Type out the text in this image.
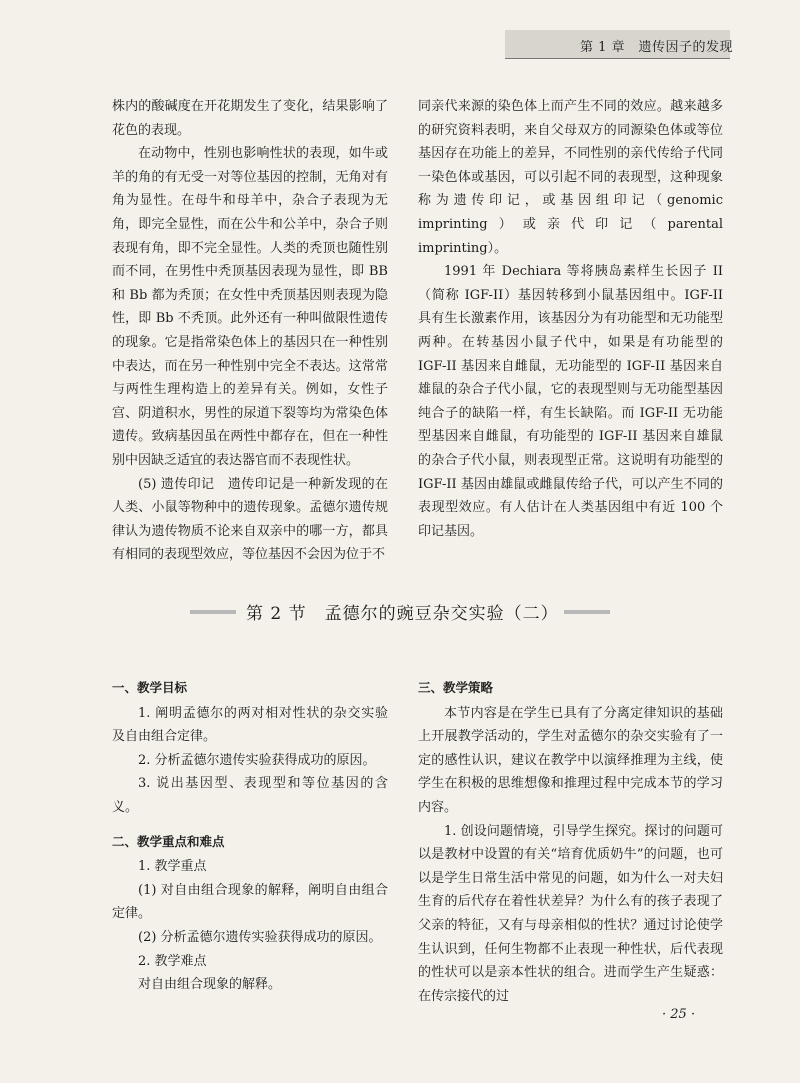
第 1 章　遗传因子的发现

株内的酸碱度在开花期发生了变化，结果影响了花色的表现。

在动物中，性别也影响性状的表现，如牛或羊的角的有无受一对等位基因的控制，无角对有角为显性。在母牛和母羊中，杂合子表现为无角，即完全显性，而在公牛和公羊中，杂合子则表现有角，即不完全显性。人类的秃顶也随性别而不同，在男性中秃顶基因表现为显性，即 BB 和 Bb 都为秃顶；在女性中秃顶基因则表现为隐性，即 Bb 不秃顶。此外还有一种叫做限性遗传的现象。它是指常染色体上的基因只在一种性别中表达，而在另一种性别中完全不表达。这常常与两性生理构造上的差异有关。例如，女性子宫、阴道积水，男性的尿道下裂等均为常染色体遗传。致病基因虽在两性中都存在，但在一种性别中因缺乏适宜的表达器官而不表现性状。

(5) 遗传印记　遗传印记是一种新发现的在人类、小鼠等物种中的遗传现象。孟德尔遗传规律认为遗传物质不论来自双亲中的哪一方，都具有相同的表现型效应，等位基因不会因为位于不

同亲代来源的染色体上而产生不同的效应。越来越多的研究资料表明，来自父母双方的同源染色体或等位基因存在功能上的差异，不同性别的亲代传给子代同一染色体或基因，可以引起不同的表现型，这种现象称为遗传印记，或基因组印记（genomic imprinting）或亲代印记（parental imprinting）。

1991 年 Dechiara 等将胰岛素样生长因子 II（简称 IGF-II）基因转移到小鼠基因组中。IGF-II 具有生长激素作用，该基因分为有功能型和无功能型两种。在转基因小鼠子代中，如果是有功能型的 IGF-II 基因来自雌鼠，无功能型的 IGF-II 基因来自雄鼠的杂合子代小鼠，它的表现型则与无功能型基因纯合子的缺陷一样，有生长缺陷。而 IGF-II 无功能型基因来自雌鼠，有功能型的 IGF-II 基因来自雄鼠的杂合子代小鼠，则表现型正常。这说明有功能型的 IGF-II 基因由雄鼠或雌鼠传给子代，可以产生不同的表现型效应。有人估计在人类基因组中有近 100 个印记基因。

第 2 节　孟德尔的豌豆杂交实验（二）

一、教学目标

1. 阐明孟德尔的两对相对性状的杂交实验及自由组合定律。

2. 分析孟德尔遗传实验获得成功的原因。

3. 说出基因型、表现型和等位基因的含义。

二、教学重点和难点

1. 教学重点

(1) 对自由组合现象的解释，阐明自由组合定律。

(2) 分析孟德尔遗传实验获得成功的原因。

2. 教学难点

对自由组合现象的解释。

三、教学策略

本节内容是在学生已具有了分离定律知识的基础上开展教学活动的，学生对孟德尔的杂交实验有了一定的感性认识，建议在教学中以演绎推理为主线，使学生在积极的思维想像和推理过程中完成本节的学习内容。

1. 创设问题情境，引导学生探究。探讨的问题可以是教材中设置的有关“培育优质奶牛”的问题，也可以是学生日常生活中常见的问题，如为什么一对夫妇生育的后代存在着性状差异？为什么有的孩子表现了父亲的特征，又有与母亲相似的性状？通过讨论使学生认识到，任何生物都不止表现一种性状，后代表现的性状可以是亲本性状的组合。进而学生产生疑惑：在传宗接代的过

· 25 ·
